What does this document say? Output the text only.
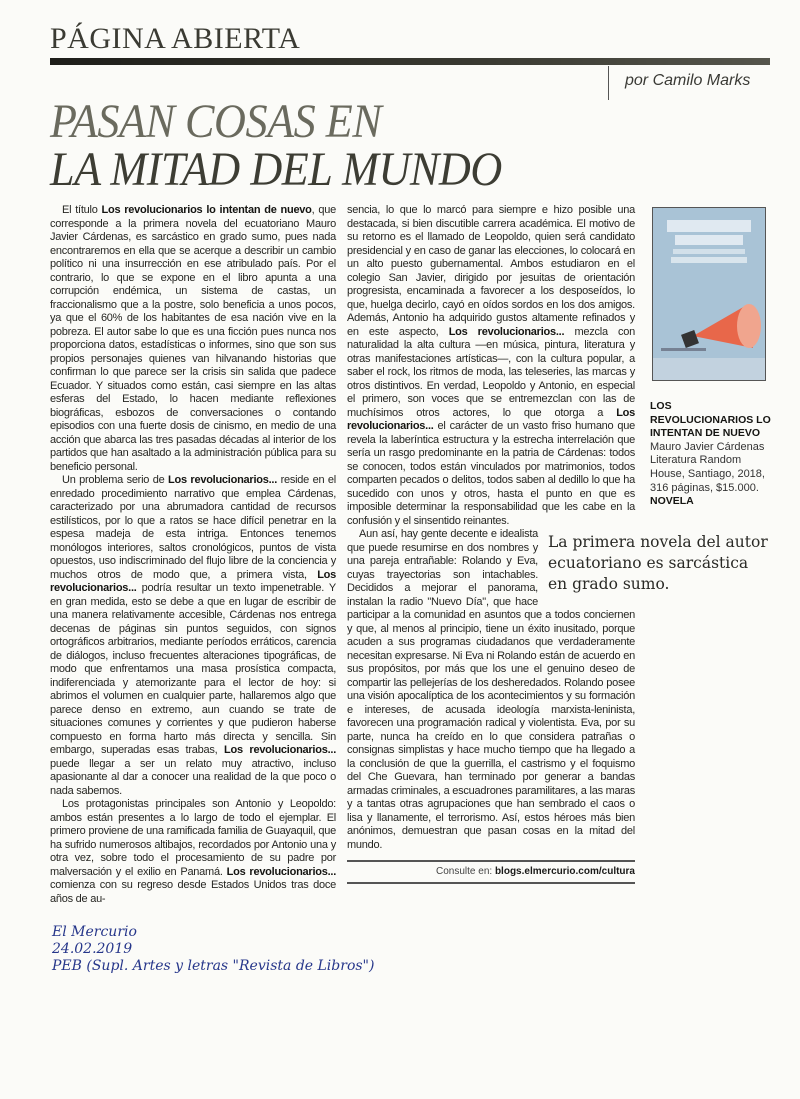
PÁGINA ABIERTA
por Camilo Marks
PASAN COSAS EN
LA MITAD DEL MUNDO
LOS REVOLUCIONARIOS LO INTENTAN DE NUEVO
Mauro Javier Cárdenas
Literatura Random House, Santiago, 2018, 316 páginas, $15.000.
NOVELA

El título Los revolucionarios lo intentan de nuevo, que corresponde a la primera novela del ecuatoriano Mauro Javier Cárdenas, es sarcástico en grado sumo, pues nada encontraremos en ella que se acerque a describir un cambio político ni una insurrección en ese atribulado país. Por el contrario, lo que se expone en el libro apunta a una corrupción endémica, un sistema de castas, un fraccionalismo que a la postre, solo beneficia a unos pocos, ya que el 60% de los habitantes de esa nación vive en la pobreza. El autor sabe lo que es una ficción pues nunca nos proporciona datos, estadísticas o informes, sino que son sus propios personajes quienes van hilvanando historias que confirman lo que parece ser la crisis sin salida que padece Ecuador. Y situados como están, casi siempre en las altas esferas del Estado, lo hacen mediante reflexiones biográficas, esbozos de conversaciones o contando episodios con una fuerte dosis de cinismo, en medio de una acción que abarca las tres pasadas décadas al interior de los partidos que han asaltado a la administración pública para su beneficio personal.

Un problema serio de Los revolucionarios... reside en el enredado procedimiento narrativo que emplea Cárdenas, caracterizado por una abrumadora cantidad de recursos estilísticos, por lo que a ratos se hace difícil penetrar en la espesa madeja de esta intriga. Entonces tenemos monólogos interiores, saltos cronológicos, puntos de vista opuestos, uso indiscriminado del flujo libre de la conciencia y muchos otros de modo que, a primera vista, Los revolucionarios... podría resultar un texto impenetrable. Y en gran medida, esto se debe a que en lugar de escribir de una manera relativamente accesible, Cárdenas nos entrega decenas de páginas sin puntos seguidos, con signos ortográficos arbitrarios, mediante períodos erráticos, carencia de diálogos, incluso frecuentes alteraciones tipográficas, de modo que enfrentamos una masa prosística compacta, indiferenciada y atemorizante para el lector de hoy: si abrimos el volumen en cualquier parte, hallaremos algo que parece denso en extremo, aun cuando se trate de situaciones comunes y corrientes y que pudieron haberse compuesto en forma harto más directa y sencilla. Sin embargo, superadas esas trabas, Los revolucionarios... puede llegar a ser un relato muy atractivo, incluso apasionante al dar a conocer una realidad de la que poco o nada sabemos.

Los protagonistas principales son Antonio y Leopoldo: ambos están presentes a lo largo de todo el ejemplar. El primero proviene de una ramificada familia de Guayaquil, que ha sufrido numerosos altibajos, recordados por Antonio una y otra vez, sobre todo el procesamiento de su padre por malversación y el exilio en Panamá. Los revolucionarios... comienza con su regreso desde Estados Unidos tras doce años de au-

sencia, lo que lo marcó para siempre e hizo posible una destacada, si bien discutible carrera académica. El motivo de su retorno es el llamado de Leopoldo, quien será candidato presidencial y en caso de ganar las elecciones, lo colocará en un alto puesto gubernamental. Ambos estudiaron en el colegio San Javier, dirigido por jesuitas de orientación progresista, encaminada a favorecer a los desposeídos, lo que, huelga decirlo, cayó en oídos sordos en los dos amigos. Además, Antonio ha adquirido gustos altamente refinados y en este aspecto, Los revolucionarios... mezcla con naturalidad la alta cultura —en música, pintura, literatura y otras manifestaciones artísticas—, con la cultura popular, a saber el rock, los ritmos de moda, las teleseries, las marcas y otros distintivos. En verdad, Leopoldo y Antonio, en especial el primero, son voces que se entremezclan con las de muchísimos otros actores, lo que otorga a Los revolucionarios... el carácter de un vasto friso humano que revela la laberíntica estructura y la estrecha interrelación que sería un rasgo predominante en la patria de Cárdenas: todos se conocen, todos están vinculados por matrimonios, todos comparten pecados o delitos, todos saben al dedillo lo que ha sucedido con unos y otros, hasta el punto en que es imposible determinar la responsabilidad que les cabe en la confusión y el sinsentido reinantes.

La primera novela del autor ecuatoriano es sarcástica en grado sumo.
Aun así, hay gente decente e idealista que puede resumirse en dos nombres y una pareja entrañable: Rolando y Eva, cuyas trayectorias son intachables. Decididos a mejorar el panorama, instalan la radio "Nuevo Día", que hace participar a la comunidad en asuntos que a todos conciernen y que, al menos al principio, tiene un éxito inusitado, porque acuden a sus programas ciudadanos que verdaderamente necesitan expresarse. Ni Eva ni Rolando están de acuerdo en sus propósitos, por más que los une el genuino deseo de compartir las pellejerías de los desheredados. Rolando posee una visión apocalíptica de los acontecimientos y su formación e intereses, de acusada ideología marxista-leninista, favorecen una programación radical y violentista. Eva, por su parte, nunca ha creído en lo que considera patrañas o consignas simplistas y hace mucho tiempo que ha llegado a la conclusión de que la guerrilla, el castrismo y el foquismo del Che Guevara, han terminado por generar a bandas armadas criminales, a escuadrones paramilitares, a las maras y a tantas otras agrupaciones que han sembrado el caos o lisa y llanamente, el terrorismo. Así, estos héroes más bien anónimos, demuestran que pasan cosas en la mitad del mundo.

Consulte en: blogs.elmercurio.com/cultura
El Mercurio
24.02.2019
PEB (Supl. Artes y letras "Revista de Libros")
